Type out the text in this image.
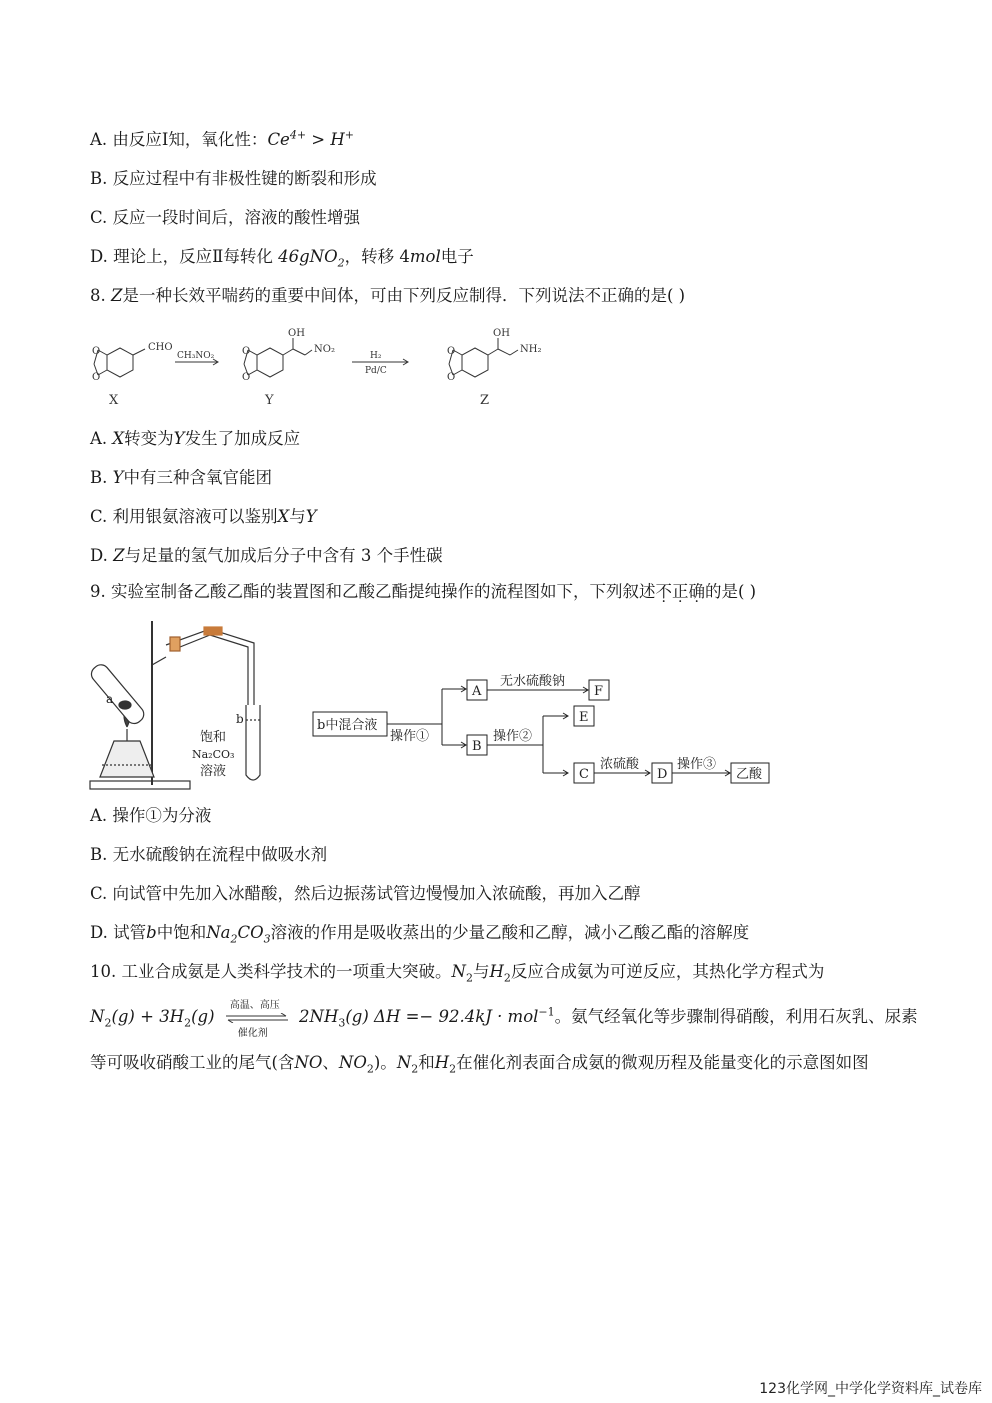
A. 由反应Ⅰ知，氧化性：$Ce^{4+} > H^+$
B. 反应过程中有非极性键的断裂和形成
C. 反应一段时间后，溶液的酸性增强
D. 理论上，反应Ⅱ每转化 46gNO$_2$，转移 4mol电子
8. Z是一种长效平喘药的重要中间体，可由下列反应制得．下列说法不正确的是( )
CHO
O
O
CH₃NO₂
OH
NO₂
O
O
H₂
Pd/C
OH
NH₂
O
O
X	Y	Z
A. X转变为Y发生了加成反应
B. Y中有三种含氧官能团
C. 利用银氨溶液可以鉴别X与Y
D. Z与足量的氢气加成后分子中含有 3 个手性碳
9. 实验室制备乙酸乙酯的装置图和乙酸乙酯提纯操作的流程图如下，下列叙述不正确的是( )
a
b
饱和
Na₂CO₃
溶液
b中混合液
操作①
A
B
无水硫酸钠
F
操作②
E
C
浓硫酸
D
操作③
乙酸
A. 操作①为分液
B. 无水硫酸钠在流程中做吸水剂
C. 向试管中先加入冰醋酸，然后边振荡试管边慢慢加入浓硫酸，再加入乙醇
D. 试管b中饱和$Na_2CO_3$溶液的作用是吸收蒸出的少量乙酸和乙醇，减小乙酸乙酯的溶解度
10. 工业合成氨是人类科学技术的一项重大突破。$N_2$与$H_2$反应合成氨为可逆反应，其热化学方程式为
$N_2(g) + 3H_2(g)$
高温、高压
催化剂
$2NH_3(g) \Delta H =- 92.4kJ \cdot mol^{-1}$。氨气经氧化等步骤制得硝酸，利用石灰乳、尿素
等可吸收硝酸工业的尾气(含NO、$NO_2$)。$N_2$和$H_2$在催化剂表面合成氨的微观历程及能量变化的示意图如图
123化学网_中学化学资料库_试卷库
